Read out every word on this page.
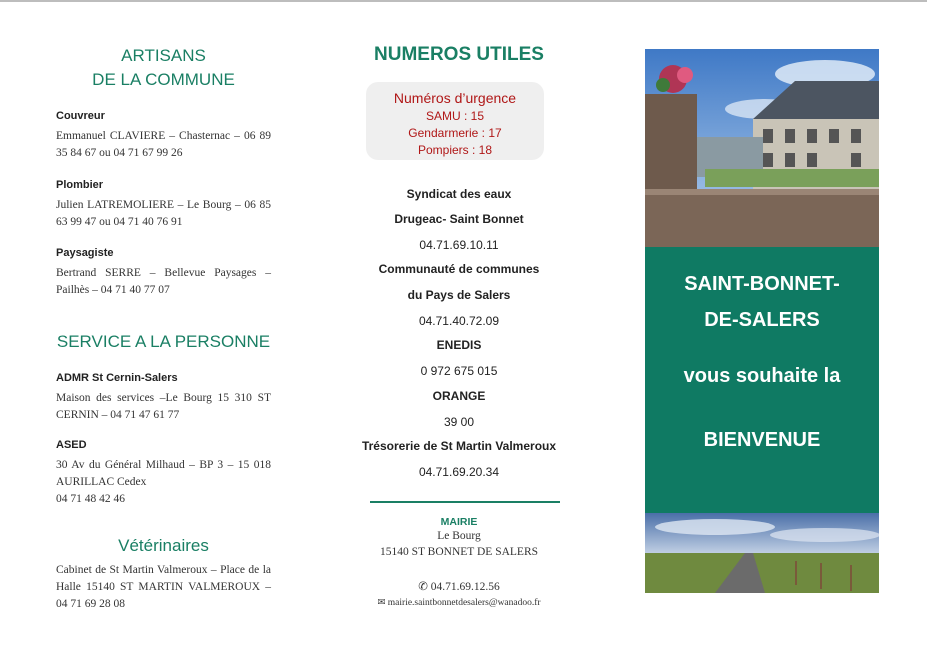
ARTISANS

DE LA COMMUNE

Couvreur

Emmanuel CLAVIERE – Chasternac – 06 89 35 84 67 ou 04 71 67 99 26

Plombier

Julien LATREMOLIERE – Le Bourg – 06 85 63 99 47 ou 04 71 40 76 91

Paysagiste

Bertrand SERRE – Bellevue Paysages – Pailhès – 04 71 40 77 07

SERVICE A LA PERSONNE

ADMR St Cernin-Salers

Maison des services –Le Bourg 15 310 ST CERNIN – 04 71 47 61 77

ASED

30 Av du Général Milhaud – BP 3 – 15 018 AURILLAC Cedex

04 71 48 42 46

Vétérinaires

Cabinet de St Martin Valmeroux – Place de la Halle 15140 ST MARTIN VALMEROUX – 04 71 69 28 08

NUMEROS UTILES

Numéros d’urgence
SAMU : 15
Gendarmerie : 17
Pompiers : 18
Syndicat des eaux
Drugeac- Saint Bonnet
04.71.69.10.11
Communauté de communes
du Pays de Salers
04.71.40.72.09
ENEDIS
0 972 675 015
ORANGE
39 00
Trésorerie de St Martin Valmeroux
04.71.69.20.34
MAIRIE
Le Bourg
15140 ST BONNET DE SALERS
✆ 04.71.69.12.56
✉ mairie.saintbonnetdesalers@wanadoo.fr
SAINT-BONNET-
DE-SALERS
vous souhaite la
BIENVENUE
